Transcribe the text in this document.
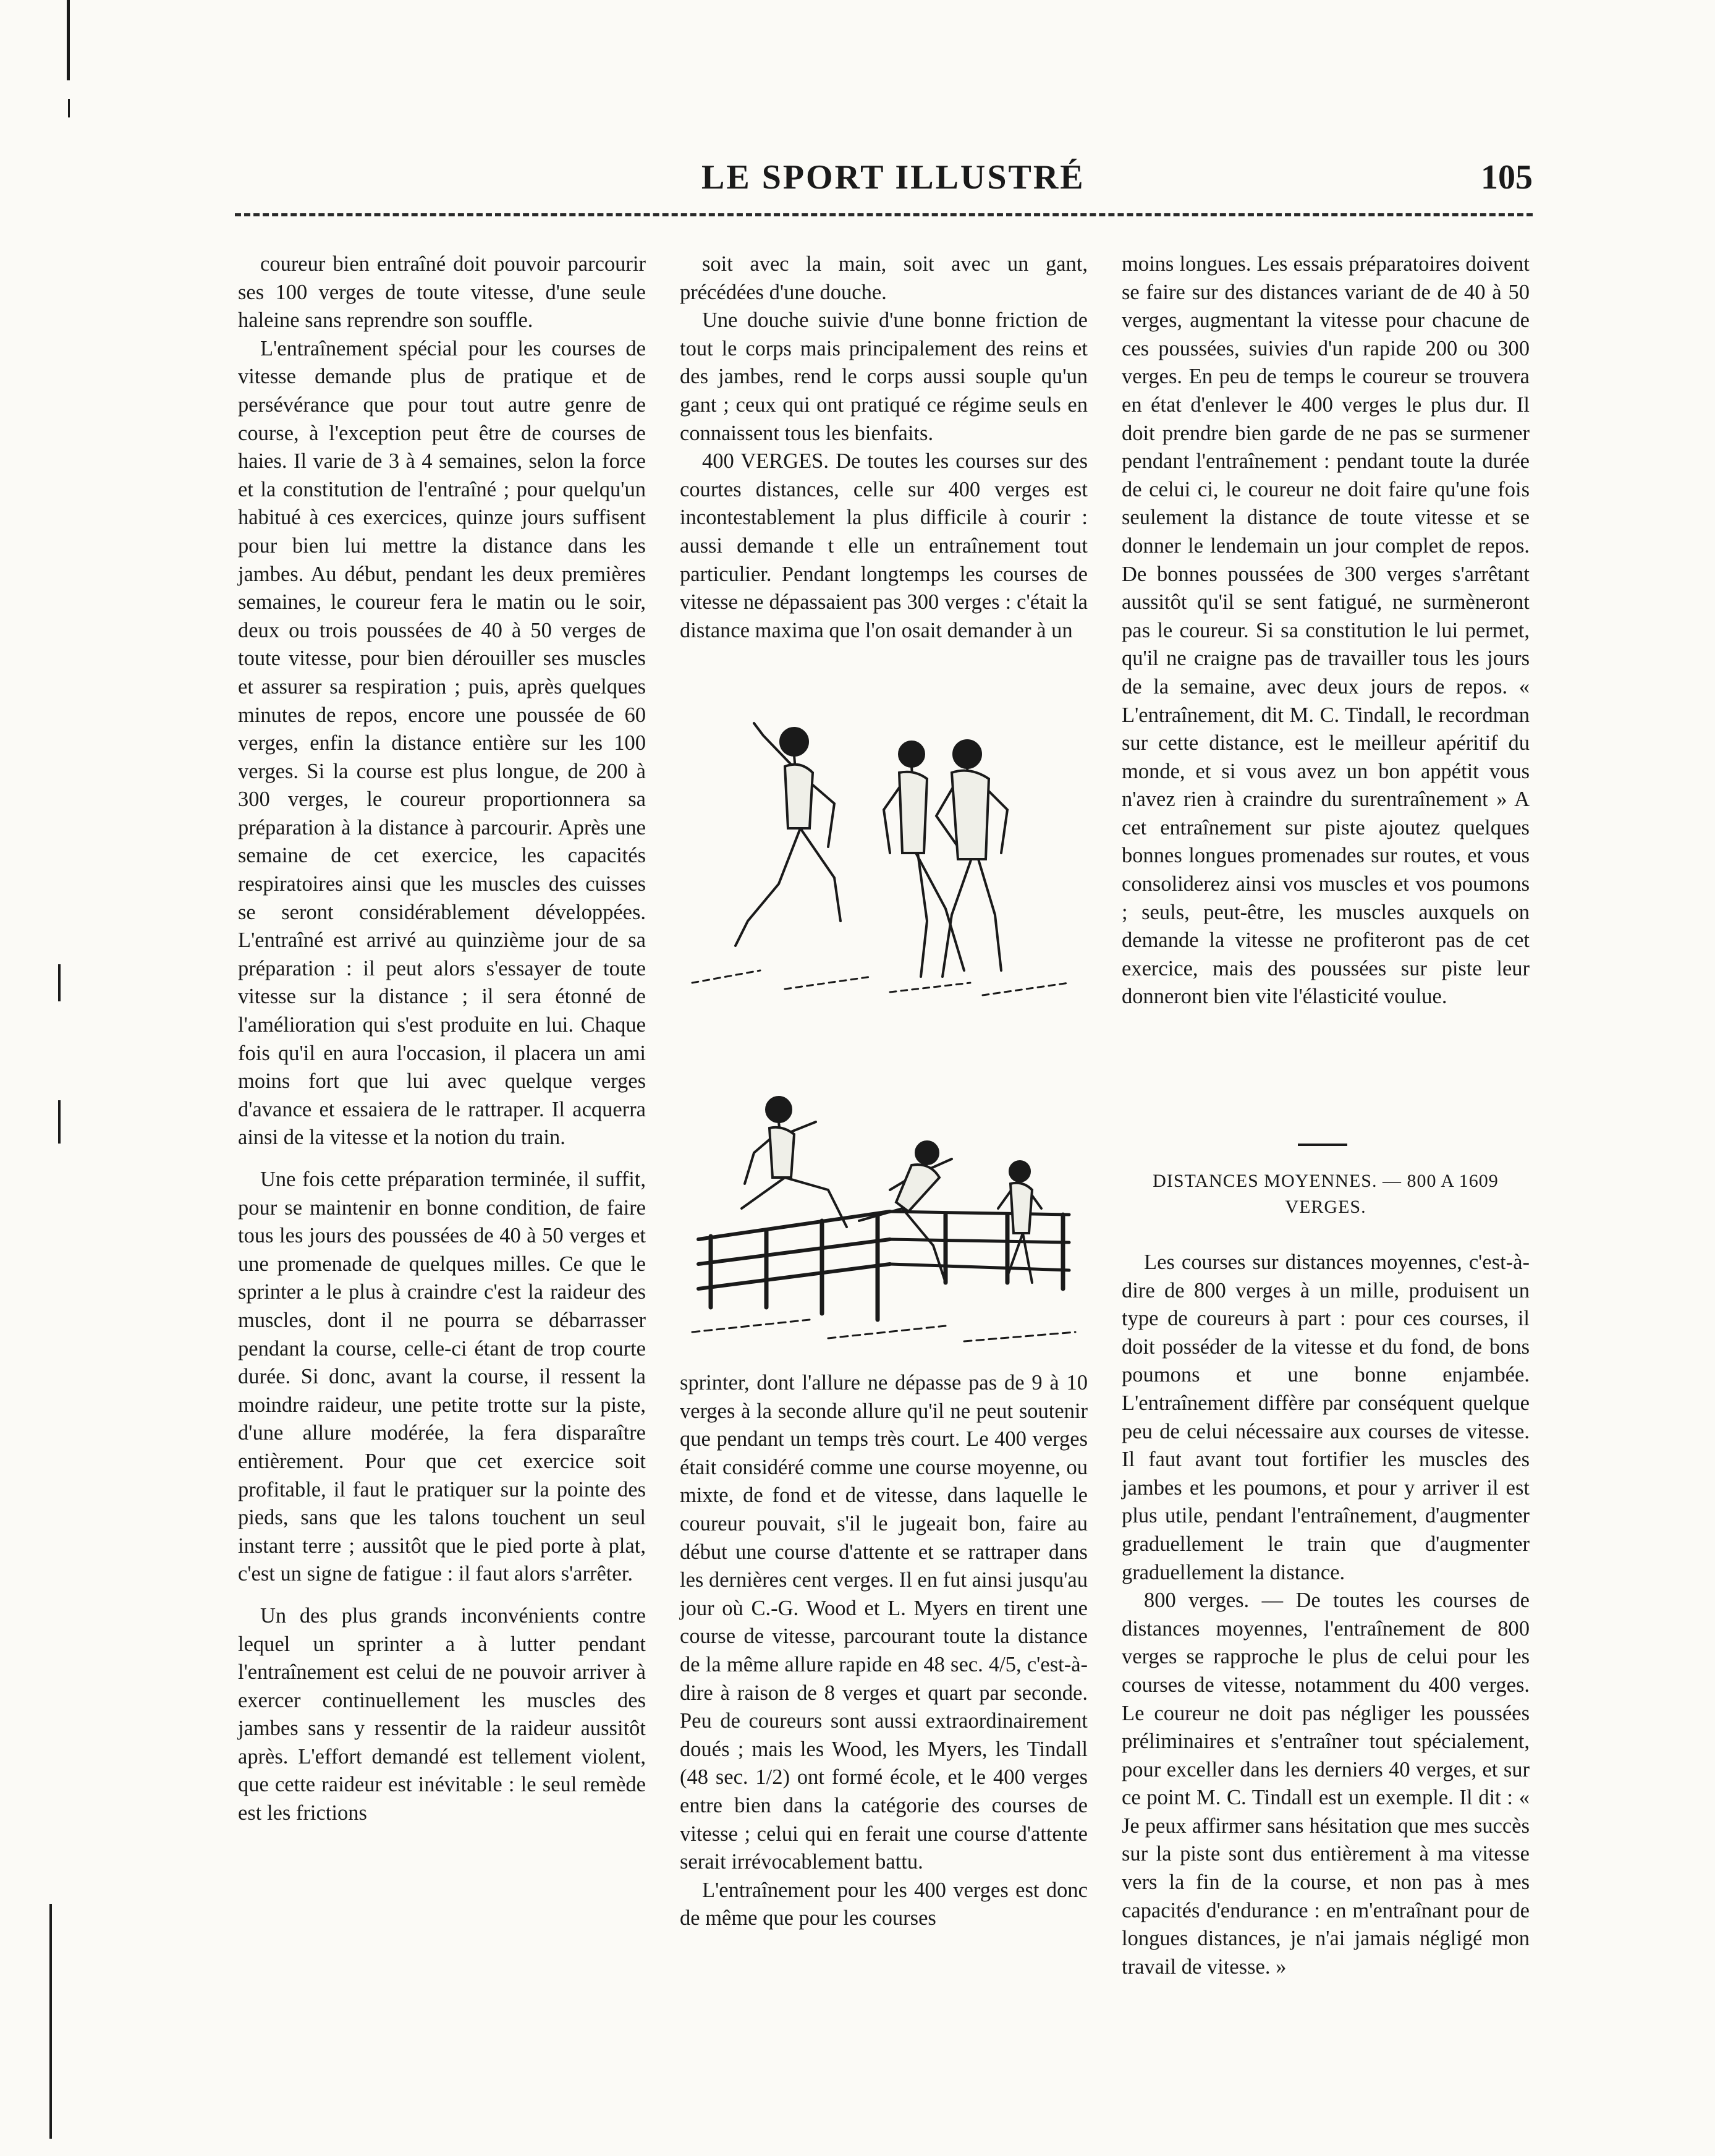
LE SPORT ILLUSTRÉ	105

coureur bien entraîné doit pouvoir parcourir ses 100 verges de toute vitesse, d'une seule haleine sans reprendre son souffle.

L'entraînement spécial pour les courses de vitesse demande plus de pratique et de persévérance que pour tout autre genre de course, à l'exception peut être de courses de haies. Il varie de 3 à 4 semaines, selon la force et la constitution de l'entraîné ; pour quelqu'un habitué à ces exercices, quinze jours suffisent pour bien lui mettre la distance dans les jambes. Au début, pendant les deux premières semaines, le coureur fera le matin ou le soir, deux ou trois poussées de 40 à 50 verges de toute vitesse, pour bien dérouiller ses muscles et assurer sa respiration ; puis, après quelques minutes de repos, encore une poussée de 60 verges, enfin la distance entière sur les 100 verges. Si la course est plus longue, de 200 à 300 verges, le coureur proportionnera sa préparation à la distance à parcourir. Après une semaine de cet exercice, les capacités respiratoires ainsi que les muscles des cuisses se seront considérablement développées. L'entraîné est arrivé au quinzième jour de sa préparation : il peut alors s'essayer de toute vitesse sur la distance ; il sera étonné de l'amélioration qui s'est produite en lui. Chaque fois qu'il en aura l'occasion, il placera un ami moins fort que lui avec quelque verges d'avance et essaiera de le rattraper. Il acquerra ainsi de la vitesse et la notion du train.

Une fois cette préparation terminée, il suffit, pour se maintenir en bonne condition, de faire tous les jours des poussées de 40 à 50 verges et une promenade de quelques milles. Ce que le sprinter a le plus à craindre c'est la raideur des muscles, dont il ne pourra se débarrasser pendant la course, celle-ci étant de trop courte durée. Si donc, avant la course, il ressent la moindre raideur, une petite trotte sur la piste, d'une allure modérée, la fera disparaître entièrement. Pour que cet exercice soit profitable, il faut le pratiquer sur la pointe des pieds, sans que les talons touchent un seul instant terre ; aussitôt que le pied porte à plat, c'est un signe de fatigue : il faut alors s'arrêter.

Un des plus grands inconvénients contre lequel un sprinter a à lutter pendant l'entraînement est celui de ne pouvoir arriver à exercer continuellement les muscles des jambes sans y ressentir de la raideur aussitôt après. L'effort demandé est tellement violent, que cette raideur est inévitable : le seul remède est les frictions

soit avec la main, soit avec un gant, précédées d'une douche.

Une douche suivie d'une bonne friction de tout le corps mais principalement des reins et des jambes, rend le corps aussi souple qu'un gant ; ceux qui ont pratiqué ce régime seuls en connaissent tous les bienfaits.

400 VERGES. De toutes les courses sur des courtes distances, celle sur 400 verges est incontestablement la plus difficile à courir : aussi demande t elle un entraînement tout particulier. Pendant longtemps les courses de vitesse ne dépassaient pas 300 verges : c'était la distance maxima que l'on osait demander à un

sprinter, dont l'allure ne dépasse pas de 9 à 10 verges à la seconde allure qu'il ne peut soutenir que pendant un temps très court. Le 400 verges était considéré comme une course moyenne, ou mixte, de fond et de vitesse, dans laquelle le coureur pouvait, s'il le jugeait bon, faire au début une course d'attente et se rattraper dans les dernières cent verges. Il en fut ainsi jusqu'au jour où C.-G. Wood et L. Myers en tirent une course de vitesse, parcourant toute la distance de la même allure rapide en 48 sec. 4/5, c'est-à-dire à raison de 8 verges et quart par seconde. Peu de coureurs sont aussi extraordinairement doués ; mais les Wood, les Myers, les Tindall (48 sec. 1/2) ont formé école, et le 400 verges entre bien dans la catégorie des courses de vitesse ; celui qui en ferait une course d'attente serait irrévocablement battu.

L'entraînement pour les 400 verges est donc de même que pour les courses

moins longues. Les essais préparatoires doivent se faire sur des distances variant de de 40 à 50 verges, augmentant la vitesse pour chacune de ces poussées, suivies d'un rapide 200 ou 300 verges. En peu de temps le coureur se trouvera en état d'enlever le 400 verges le plus dur. Il doit prendre bien garde de ne pas se surmener pendant l'entraînement : pendant toute la durée de celui ci, le coureur ne doit faire qu'une fois seulement la distance de toute vitesse et se donner le lendemain un jour complet de repos. De bonnes poussées de 300 verges s'arrêtant aussitôt qu'il se sent fatigué, ne surmèneront pas le coureur. Si sa constitution le lui permet, qu'il ne craigne pas de travailler tous les jours de la semaine, avec deux jours de repos. « L'entraînement, dit M. C. Tindall, le recordman sur cette distance, est le meilleur apéritif du monde, et si vous avez un bon appétit vous n'avez rien à craindre du surentraînement » A cet entraînement sur piste ajoutez quelques bonnes longues promenades sur routes, et vous consoliderez ainsi vos muscles et vos poumons ; seuls, peut-être, les muscles auxquels on demande la vitesse ne profiteront pas de cet exercice, mais des poussées sur piste leur donneront bien vite l'élasticité voulue.

DISTANCES MOYENNES. — 800 A 1609 VERGES.

Les courses sur distances moyennes, c'est-à-dire de 800 verges à un mille, produisent un type de coureurs à part : pour ces courses, il doit posséder de la vitesse et du fond, de bons poumons et une bonne enjambée. L'entraînement diffère par conséquent quelque peu de celui nécessaire aux courses de vitesse. Il faut avant tout fortifier les muscles des jambes et les poumons, et pour y arriver il est plus utile, pendant l'entraînement, d'augmenter graduellement le train que d'augmenter graduellement la distance.

800 verges. — De toutes les courses de distances moyennes, l'entraînement de 800 verges se rapproche le plus de celui pour les courses de vitesse, notamment du 400 verges. Le coureur ne doit pas négliger les poussées préliminaires et s'entraîner tout spécialement, pour exceller dans les derniers 40 verges, et sur ce point M. C. Tindall est un exemple. Il dit : « Je peux affirmer sans hésitation que mes succès sur la piste sont dus entièrement à ma vitesse vers la fin de la course, et non pas à mes capacités d'endurance : en m'entraînant pour de longues distances, je n'ai jamais négligé mon travail de vitesse. »
